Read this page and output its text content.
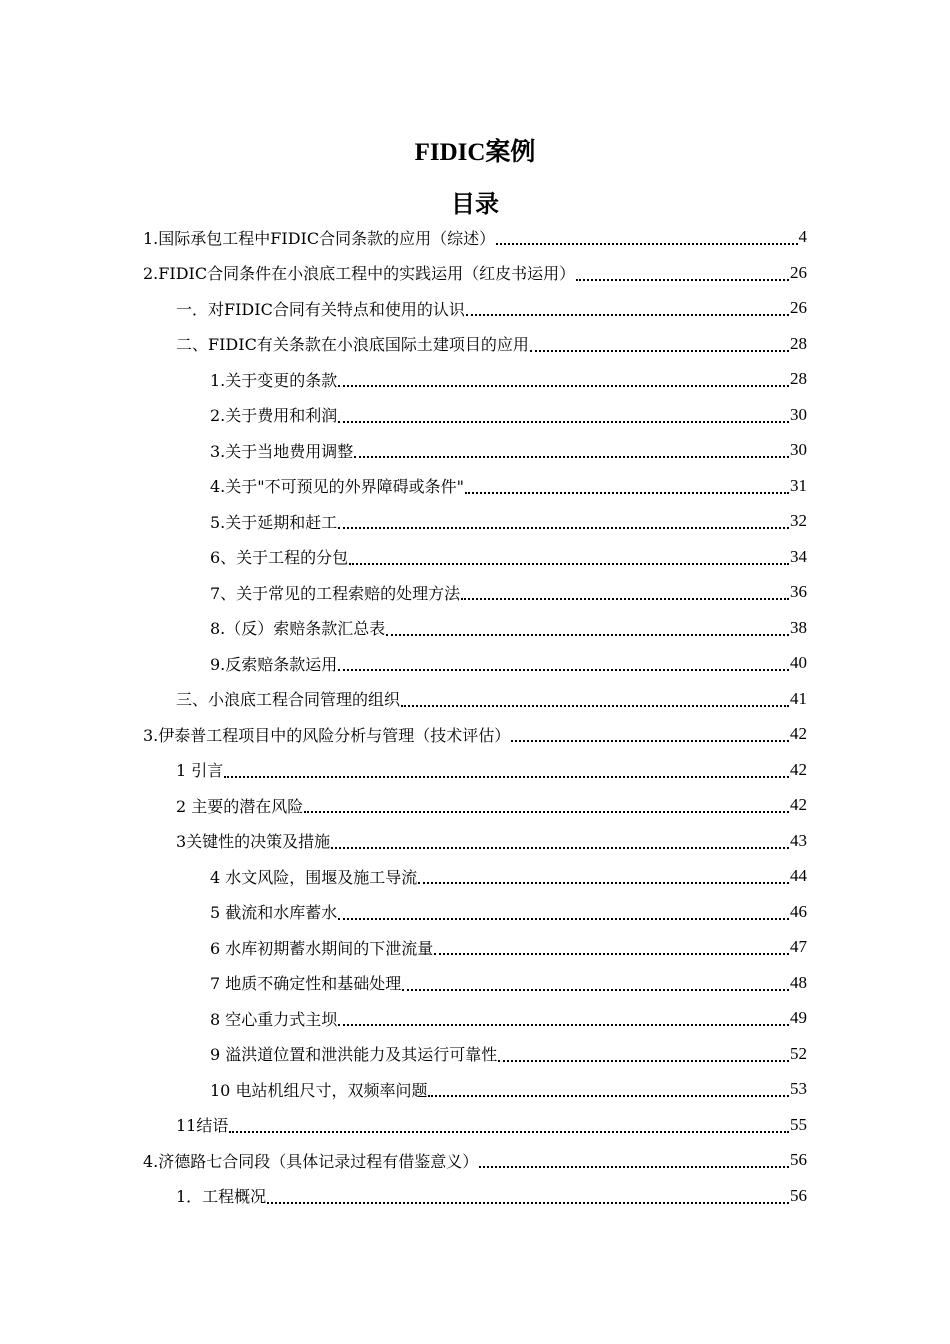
FIDIC案例
目录
1.国际承包工程中FIDIC合同条款的应用（综述）	4
2.FIDIC合同条件在小浪底工程中的实践运用（红皮书运用）	26
一．对FIDIC合同有关特点和使用的认识	26
二、FIDIC有关条款在小浪底国际土建项目的应用	28
1.关于变更的条款	28
2.关于费用和利润	30
3.关于当地费用调整	30
4.关于"不可预见的外界障碍或条件"	31
5.关于延期和赶工	32
6、关于工程的分包	34
7、关于常见的工程索赔的处理方法	36
8.（反）索赔条款汇总表	38
9.反索赔条款运用	40
三、小浪底工程合同管理的组织	41
3.伊泰普工程项目中的风险分析与管理（技术评估）	42
1 引言	42
2 主要的潜在风险	42
3关键性的决策及措施	43
4 水文风险，围堰及施工导流	44
5 截流和水库蓄水	46
6 水库初期蓄水期间的下泄流量	47
7 地质不确定性和基础处理	48
8 空心重力式主坝	49
9 溢洪道位置和泄洪能力及其运行可靠性	52
10 电站机组尺寸，双频率问题	53
11结语	55
4.济德路七合同段（具体记录过程有借鉴意义）	56
1．工程概况	56
